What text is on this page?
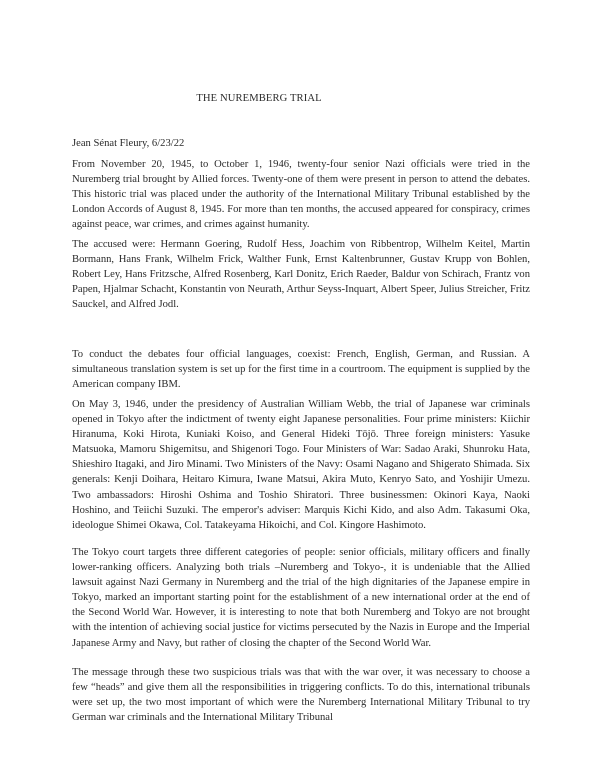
THE NUREMBERG TRIAL
Jean Sénat Fleury, 6/23/22

From November 20, 1945, to October 1, 1946, twenty-four senior Nazi officials were tried in the Nuremberg trial brought by Allied forces. Twenty-one of them were present in person to attend the debates. This historic trial was placed under the authority of the International Military Tribunal established by the London Accords of August 8, 1945. For more than ten months, the accused appeared for conspiracy, crimes against peace, war crimes, and crimes against humanity.

The accused were: Hermann Goering, Rudolf Hess, Joachim von Ribbentrop, Wilhelm Keitel, Martin Bormann, Hans Frank, Wilhelm Frick, Walther Funk, Ernst Kaltenbrunner, Gustav Krupp von Bohlen, Robert Ley, Hans Fritzsche, Alfred Rosenberg, Karl Donitz, Erich Raeder, Baldur von Schirach, Frantz von Papen, Hjalmar Schacht, Konstantin von Neurath, Arthur Seyss-Inquart, Albert Speer, Julius Streicher, Fritz Sauckel, and Alfred Jodl.

To conduct the debates four official languages, coexist: French, English, German, and Russian. A simultaneous translation system is set up for the first time in a courtroom. The equipment is supplied by the American company IBM.

On May 3, 1946, under the presidency of Australian William Webb, the trial of Japanese war criminals opened in Tokyo after the indictment of twenty eight Japanese personalities. Four prime ministers: Kiichir Hiranuma, Koki Hirota, Kuniaki Koiso, and General Hideki Tōjō. Three foreign ministers: Yasuke Matsuoka, Mamoru Shigemitsu, and Shigenori Togo. Four Ministers of War: Sadao Araki, Shunroku Hata, Shieshiro Itagaki, and Jiro Minami. Two Ministers of the Navy: Osami Nagano and Shigerato Shimada. Six generals: Kenji Doihara, Heitaro Kimura, Iwane Matsui, Akira Muto, Kenryo Sato, and Yoshijir Umezu. Two ambassadors: Hiroshi Oshima and Toshio Shiratori. Three businessmen: Okinori Kaya, Naoki Hoshino, and Teiichi Suzuki. The emperor's adviser: Marquis Kichi Kido, and also Adm. Takasumi Oka, ideologue Shimei Okawa, Col. Tatakeyama Hikoichi, and Col. Kingore Hashimoto.

The Tokyo court targets three different categories of people: senior officials, military officers and finally lower-ranking officers. Analyzing both trials –Nuremberg and Tokyo-, it is undeniable that the Allied lawsuit against Nazi Germany in Nuremberg and the trial of the high dignitaries of the Japanese empire in Tokyo, marked an important starting point for the establishment of a new international order at the end of the Second World War. However, it is interesting to note that both Nuremberg and Tokyo are not brought with the intention of achieving social justice for victims persecuted by the Nazis in Europe and the Imperial Japanese Army and Navy, but rather of closing the chapter of the Second World War.

The message through these two suspicious trials was that with the war over, it was necessary to choose a few “heads” and give them all the responsibilities in triggering conflicts. To do this, international tribunals were set up, the two most important of which were the Nuremberg International Military Tribunal to try German war criminals and the International Military Tribunal
